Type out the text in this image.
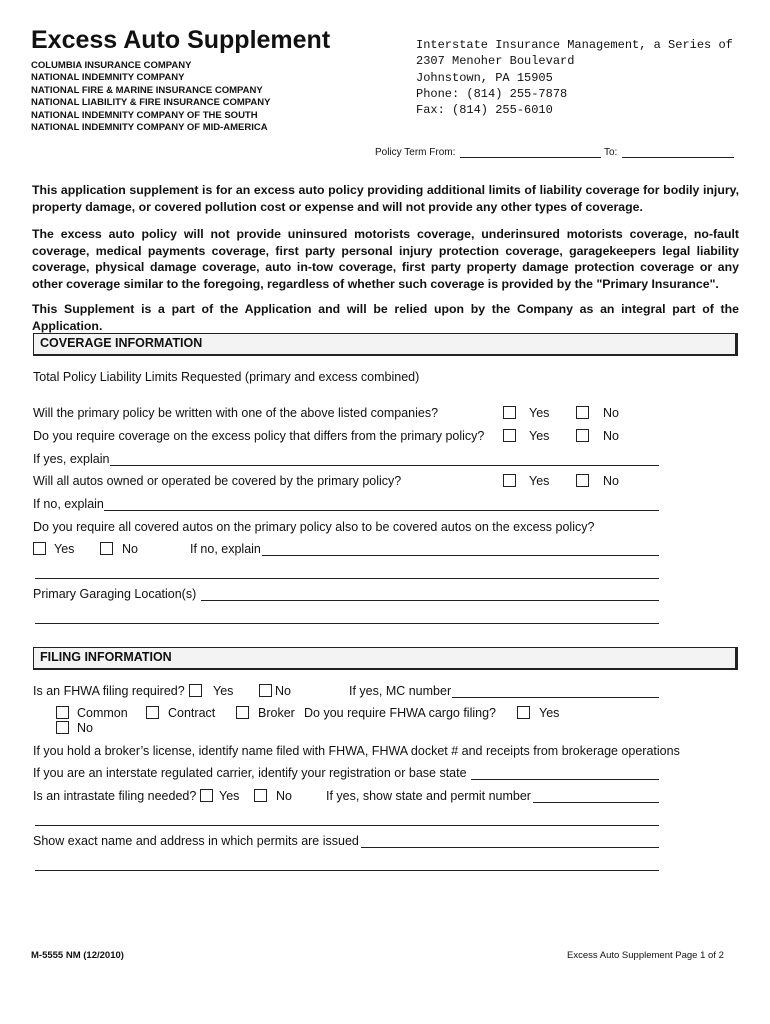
Excess Auto Supplement
COLUMBIA INSURANCE COMPANY
NATIONAL INDEMNITY COMPANY
NATIONAL FIRE & MARINE INSURANCE COMPANY
NATIONAL LIABILITY & FIRE INSURANCE COMPANY
NATIONAL INDEMNITY COMPANY OF THE SOUTH
NATIONAL INDEMNITY COMPANY OF MID-AMERICA
Interstate Insurance Management, a Series of
2307 Menoher Boulevard
Johnstown, PA 15905
Phone: (814) 255-7878
Fax: (814) 255-6010
Policy Term From:	To:
This application supplement is for an excess auto policy providing additional limits of liability coverage for bodily injury, property damage, or covered pollution cost or expense and will not provide any other types of coverage.
The excess auto policy will not provide uninsured motorists coverage, underinsured motorists coverage, no-fault coverage, medical payments coverage, first party personal injury protection coverage, garagekeepers legal liability coverage, physical damage coverage, auto in-tow coverage, first party property damage protection coverage or any other coverage similar to the foregoing, regardless of whether such coverage is provided by the "Primary Insurance".
This Supplement is a part of the Application and will be relied upon by the Company as an integral part of the Application.
COVERAGE INFORMATION
Total Policy Liability Limits Requested (primary and excess combined)
Will the primary policy be written with one of the above listed companies?	Yes	No
Do you require coverage on the excess policy that differs from the primary policy?	Yes	No
If yes, explain
Will all autos owned or operated be covered by the primary policy?	Yes	No
If no, explain
Do you require all covered autos on the primary policy also to be covered autos on the excess policy?
Yes	No	If no, explain
Primary Garaging Location(s)
FILING INFORMATION
Is an FHWA filing required? Yes	No	If yes, MC number
Common	Contract	Broker Do you require FHWA cargo filing?	Yes
No
If you hold a broker’s license, identify name filed with FHWA, FHWA docket # and receipts from brokerage operations
If you are an interstate regulated carrier, identify your registration or base state
Is an intrastate filing needed? Yes	No	If yes, show state and permit number
Show exact name and address in which permits are issued
M-5555 NM (12/2010)	Excess Auto Supplement Page 1 of 2
